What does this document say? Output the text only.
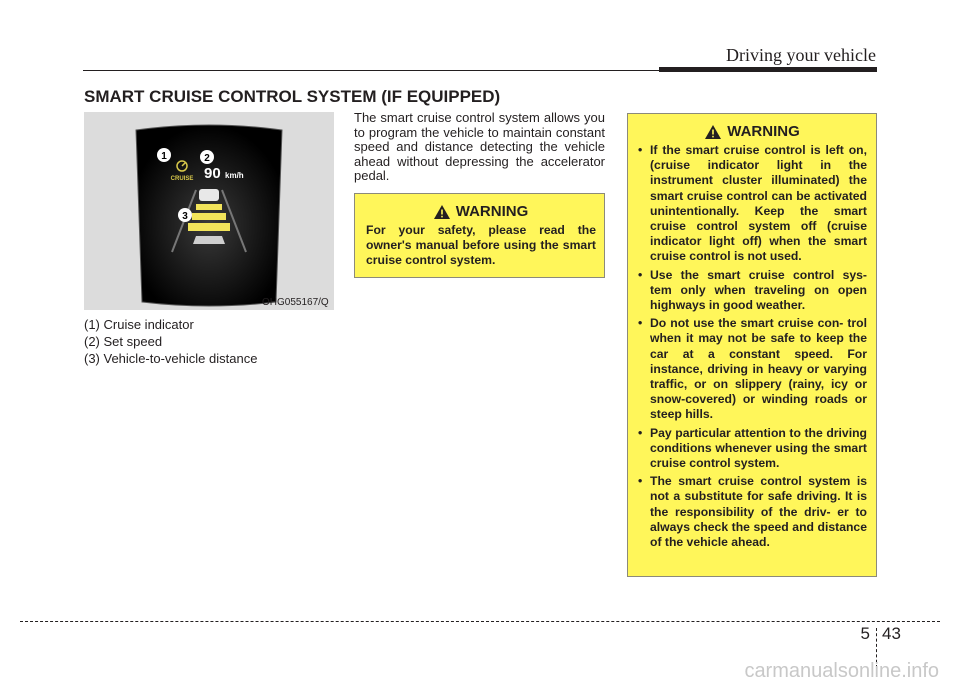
Driving your vehicle
SMART CRUISE CONTROL SYSTEM (IF EQUIPPED)
CRUISE 90 km/h
1	2
3
OHG055167/Q
(1) Cruise indicator
(2) Set speed
(3) Vehicle-to-vehicle distance
The smart cruise control system allows you to program the vehicle to maintain constant speed and distance detecting the vehicle ahead without depressing the accelerator pedal.
WARNING
For your safety, please read the owner's manual before using the smart cruise control system.
WARNING
• If the smart cruise control is left on, (cruise indicator light in the instrument cluster illuminated) the smart cruise control can be activated unintentionally. Keep the smart cruise control system off (cruise indicator light off) when the smart cruise control is not used.
• Use the smart cruise control sys- tem only when traveling on open highways in good weather.
• Do not use the smart cruise con- trol when it may not be safe to keep the car at a constant speed. For instance, driving in heavy or varying traffic, or on slippery (rainy, icy or snow-covered) or winding roads or steep hills.
• Pay particular attention to the driving conditions whenever using the smart cruise control system.
• The smart cruise control system is not a substitute for safe driving. It is the responsibility of the driv- er to always check the speed and distance of the vehicle ahead.
5 43
carmanualsonline.info
